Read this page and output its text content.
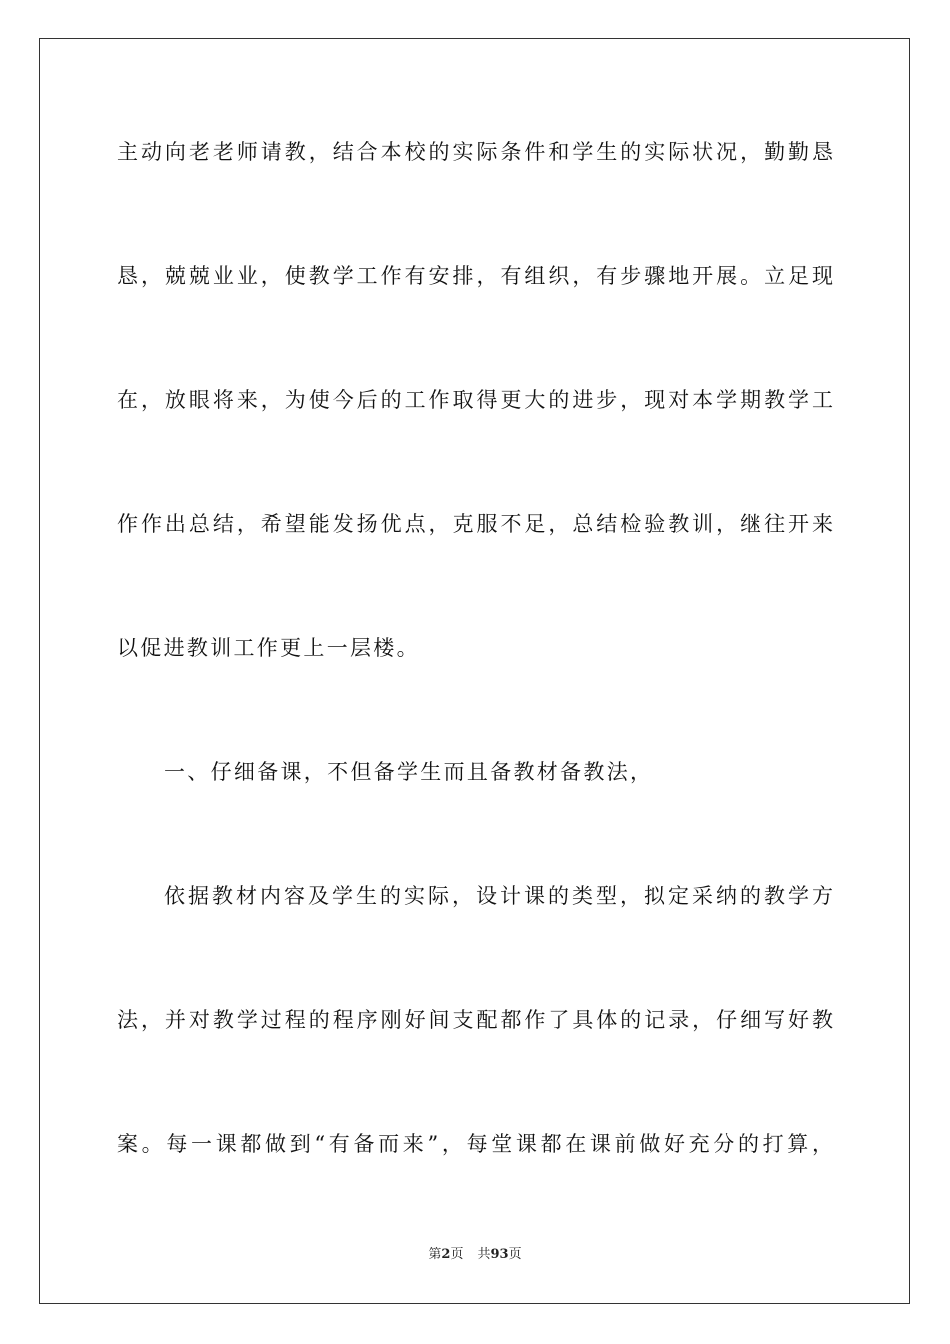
主动向老老师请教，结合本校的实际条件和学生的实际状况，勤勤恳
恳，兢兢业业，使教学工作有安排，有组织，有步骤地开展。立足现
在，放眼将来，为使今后的工作取得更大的进步，现对本学期教学工
作作出总结，希望能发扬优点，克服不足，总结检验教训，继往开来
以促进教训工作更上一层楼。
一、仔细备课，不但备学生而且备教材备教法，
依据教材内容及学生的实际，设计课的类型，拟定采纳的教学方
法，并对教学过程的程序刚好间支配都作了具体的记录，仔细写好教
案。每一课都做到“有备而来”，每堂课都在课前做好充分的打算，
第2页 共93页
